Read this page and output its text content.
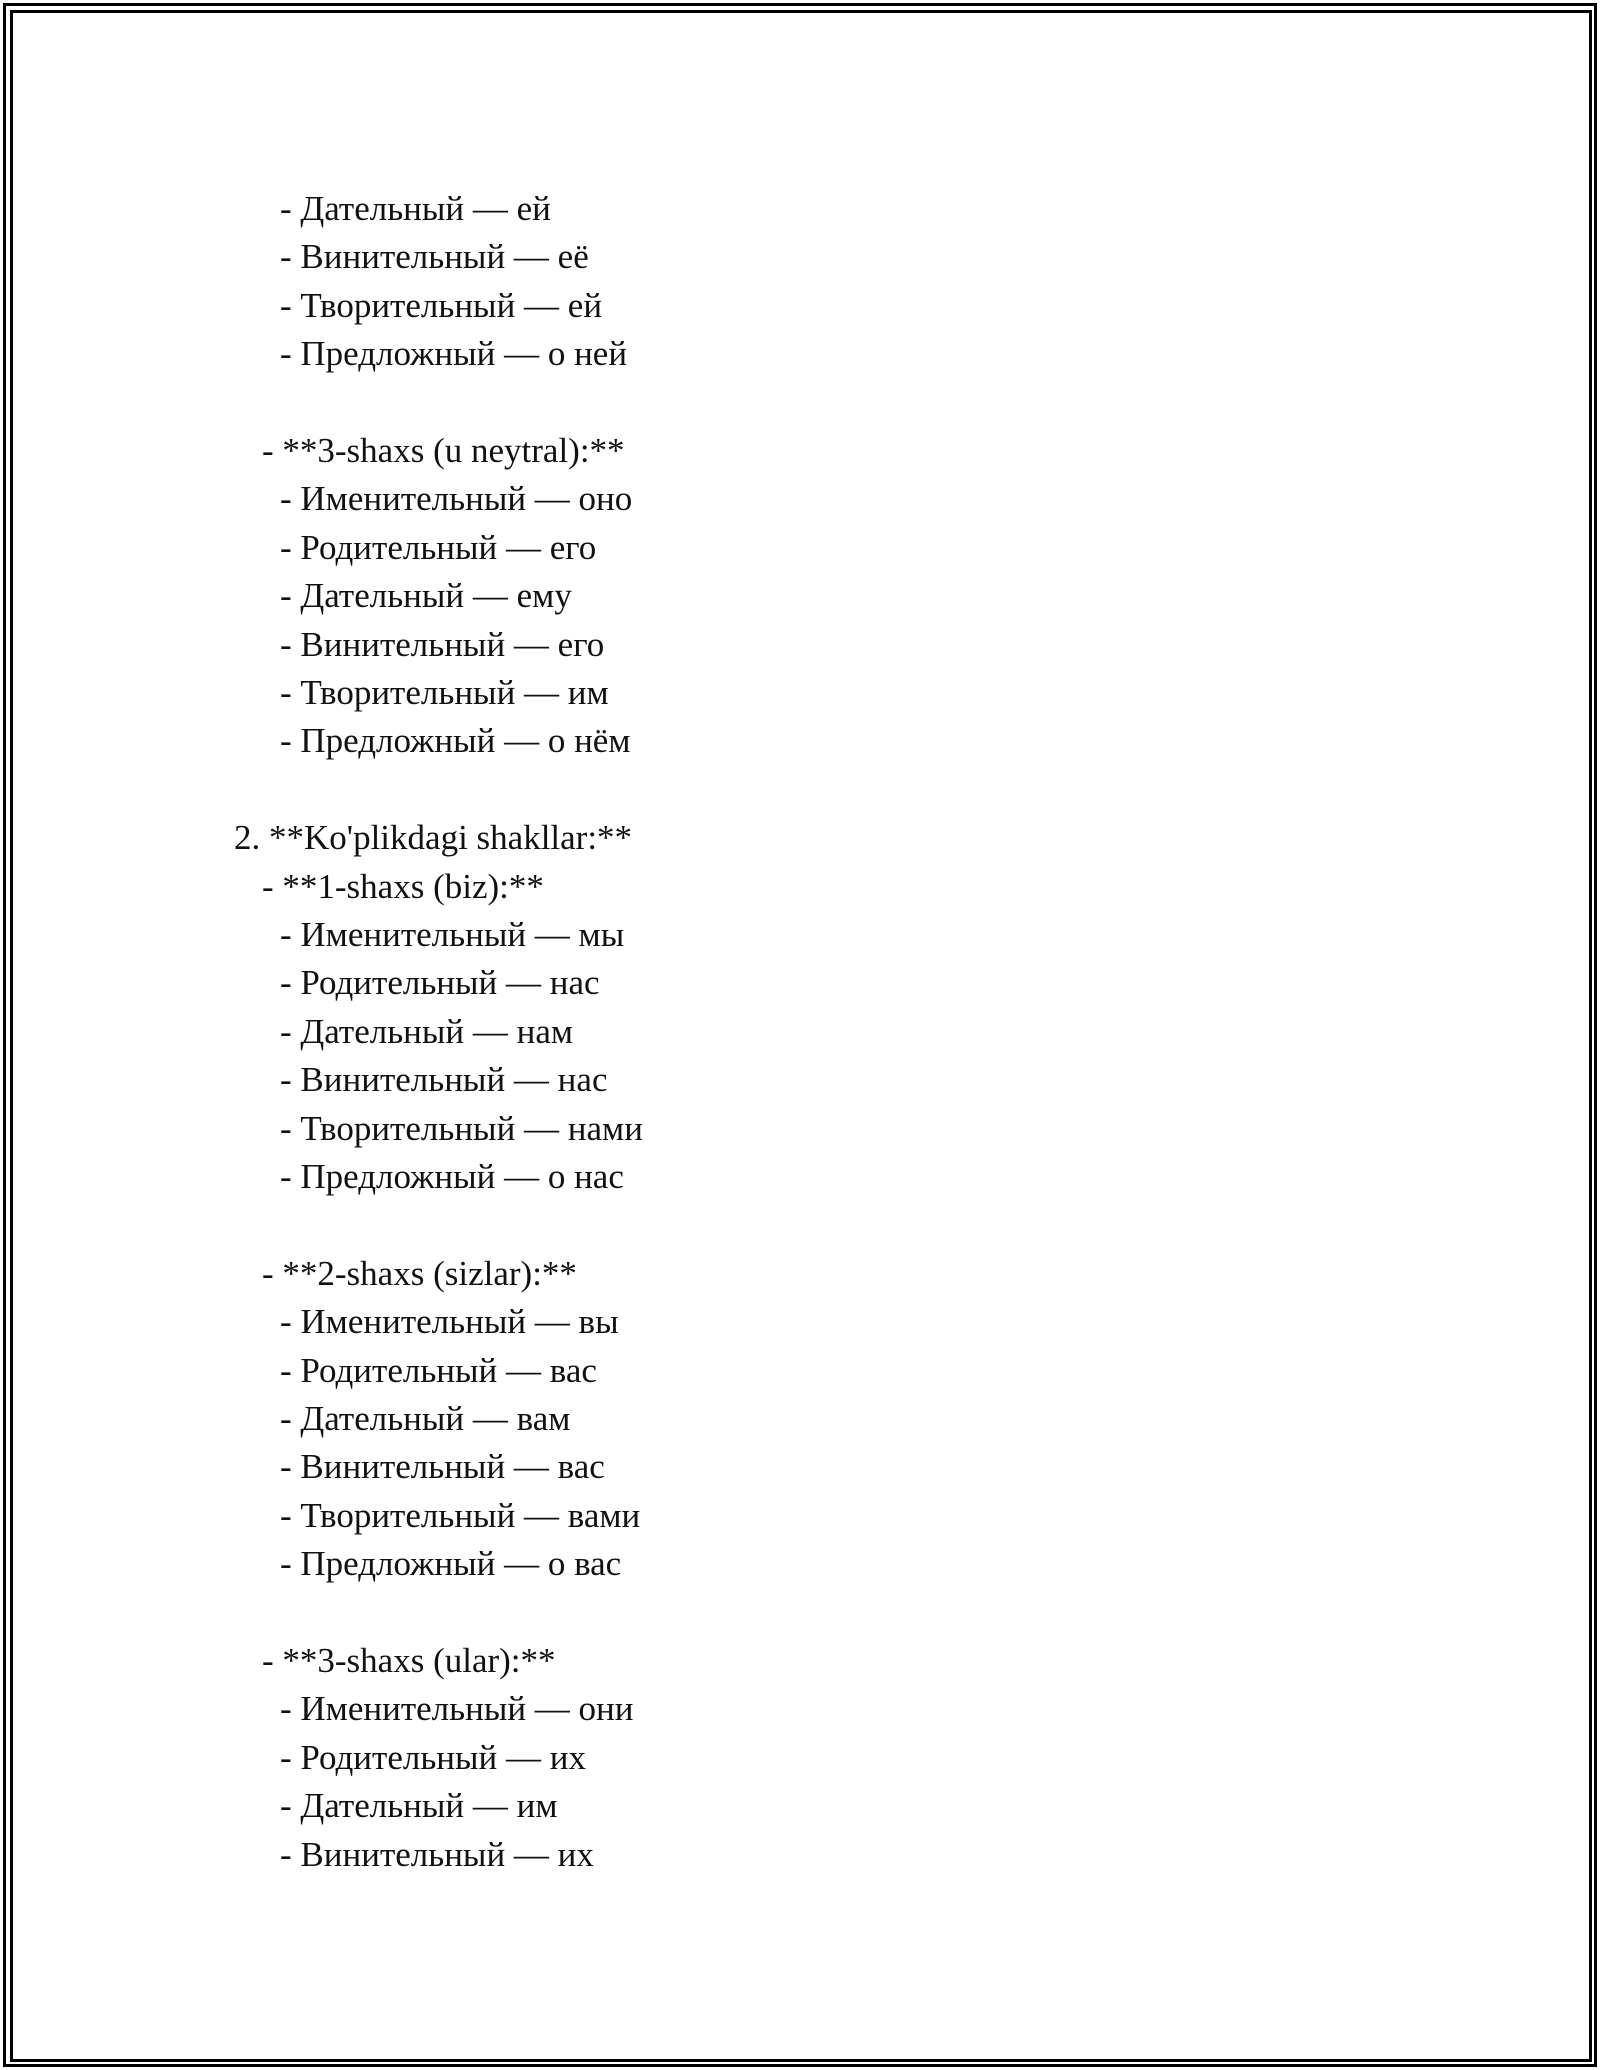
- Дательный — ей
- Винительный — её
- Творительный — ей
- Предложный — о ней
- **3-shaxs (u neytral):**
- Именительный — оно
- Родительный — его
- Дательный — ему
- Винительный — его
- Творительный — им
- Предложный — о нём
2. **Ko'plikdagi shakllar:**
- **1-shaxs (biz):**
- Именительный — мы
- Родительный — нас
- Дательный — нам
- Винительный — нас
- Творительный — нами
- Предложный — о нас
- **2-shaxs (sizlar):**
- Именительный — вы
- Родительный — вас
- Дательный — вам
- Винительный — вас
- Творительный — вами
- Предложный — о вас
- **3-shaxs (ular):**
- Именительный — они
- Родительный — их
- Дательный — им
- Винительный — их
